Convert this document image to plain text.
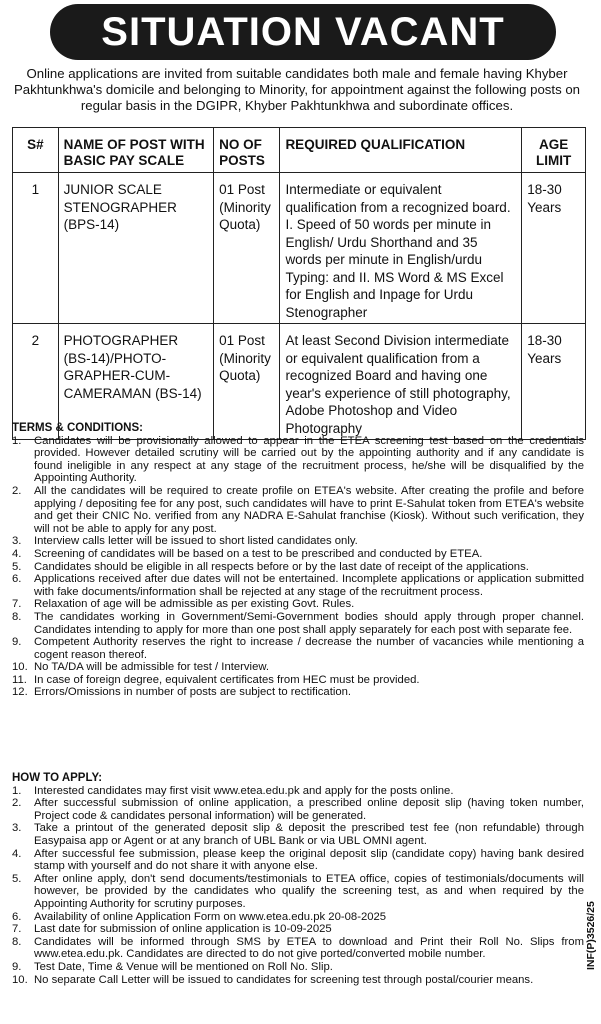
SITUATION VACANT
Online applications are invited from suitable candidates both male and female having Khyber Pakhtunkhwa's domicile and belonging to Minority, for appointment against the following posts on regular basis in the DGIPR, Khyber Pakhtunkhwa and subordinate offices.
S#	NAME OF POST WITH BASIC PAY SCALE	NO OF POSTS	REQUIRED QUALIFICATION	AGE LIMIT
1	JUNIOR SCALE STENOGRAPHER (BPS-14)	01 Post (Minority Quota)	Intermediate or equivalent qualification from a recognized board. I. Speed of 50 words per minute in English/ Urdu Shorthand and 35 words per minute in English/urdu Typing: and II. MS Word & MS Excel for English and Inpage for Urdu Stenographer	18-30 Years
2	PHOTOGRAPHER (BS-14)/PHOTO-GRAPHER-CUM-CAMERAMAN (BS-14)	01 Post (Minority Quota)	At least Second Division intermediate or equivalent qualification from a recognized Board and having one year's experience of still photography, Adobe Photoshop and Video Photography	18-30 Years
TERMS & CONDITIONS:
1.	Candidates will be provisionally allowed to appear in the ETEA screening test based on the credentials provided. However detailed scrutiny will be carried out by the appointing authority and if any candidate is found ineligible in any respect at any stage of the recruitment process, he/she will be disqualified by the Appointing Authority.
2.	All the candidates will be required to create profile on ETEA's website. After creating the profile and before applying / depositing fee for any post, such candidates will have to print E-Sahulat token from ETEA's website and get their CNIC No. verified from any NADRA E-Sahulat franchise (Kiosk). Without such verification, they will not be able to apply for any post.
3.	Interview calls letter will be issued to short listed candidates only.
4.	Screening of candidates will be based on a test to be prescribed and conducted by ETEA.
5.	Candidates should be eligible in all respects before or by the last date of receipt of the applications.
6.	Applications received after due dates will not be entertained. Incomplete applications or application submitted with fake documents/information shall be rejected at any stage of the recruitment process.
7.	Relaxation of age will be admissible as per existing Govt. Rules.
8.	The candidates working in Government/Semi-Government bodies should apply through proper channel. Candidates intending to apply for more than one post shall apply separately for each post with separate fee.
9.	Competent Authority reserves the right to increase / decrease the number of vacancies while mentioning a cogent reason thereof.
10. No TA/DA will be admissible for test / Interview.
11. In case of foreign degree, equivalent certificates from HEC must be provided.
12. Errors/Omissions in number of posts are subject to rectification.
HOW TO APPLY:
1.	Interested candidates may first visit www.etea.edu.pk and apply for the posts online.
2.	After successful submission of online application, a prescribed online deposit slip (having token number, Project code & candidates personal information) will be generated.
3.	Take a printout of the generated deposit slip & deposit the prescribed test fee (non refundable) through Easypaisa app or Agent or at any branch of UBL Bank or via UBL OMNI agent.
4.	After successful fee submission, please keep the original deposit slip (candidate copy) having bank desired stamp with yourself and do not share it with anyone else.
5.	After online apply, don't send documents/testimonials to ETEA office, copies of testimonials/documents will however, be provided by the candidates who qualify the screening test, as and when required by the Appointing Authority for scrutiny purposes.
6.	Availability of online Application Form on www.etea.edu.pk 20-08-2025
7.	Last date for submission of online application is 10-09-2025
8.	Candidates will be informed through SMS by ETEA to download and Print their Roll No. Slips from www.etea.edu.pk. Candidates are directed to do not give ported/converted mobile number.
9.	Test Date, Time & Venue will be mentioned on Roll No. Slip.
10. No separate Call Letter will be issued to candidates for screening test through postal/courier means.
INF(P)3526/25
